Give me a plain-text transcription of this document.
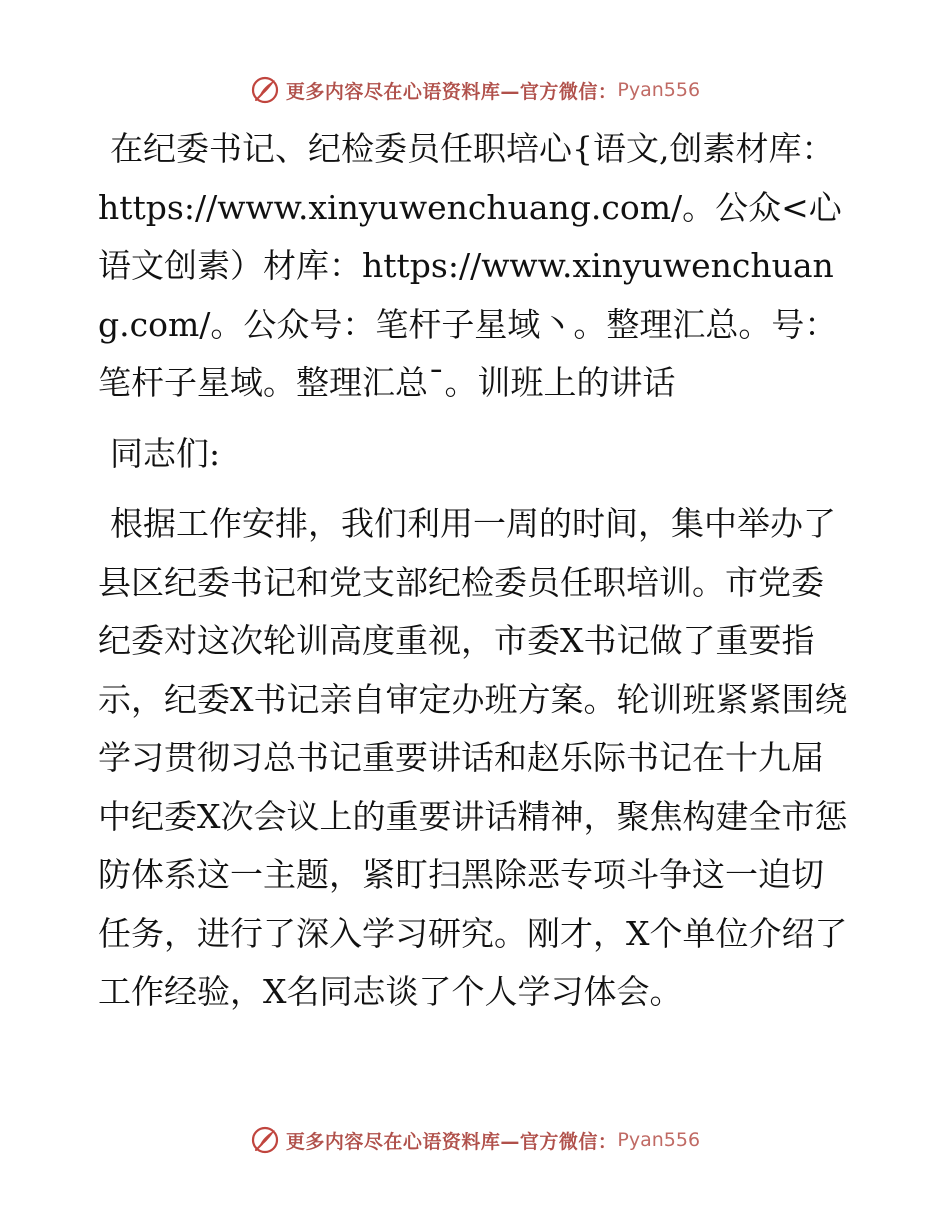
更多内容尽在心语资料库—官方微信： Pyan556

在纪委书记、纪检委员任职培心{语文,创素材库：https://www.xinyuwenchuang.com/。公众<心语文创素）材库：https://www.xinyuwenchuang.com/。公众号：笔杆子星域丶。整理汇总。号：笔杆子星域。整理汇总¯。训班上的讲话

同志们:

根据工作安排，我们利用一周的时间，集中举办了县区纪委书记和党支部纪检委员任职培训。市党委纪委对这次轮训高度重视，市委X书记做了重要指示，纪委X书记亲自审定办班方案。轮训班紧紧围绕学习贯彻习总书记重要讲话和赵乐际书记在十九届中纪委X次会议上的重要讲话精神，聚焦构建全市惩防体系这一主题，紧盯扫黑除恶专项斗争这一迫切任务，进行了深入学习研究。刚才，X个单位介绍了工作经验，X名同志谈了个人学习体会。

更多内容尽在心语资料库—官方微信： Pyan556
